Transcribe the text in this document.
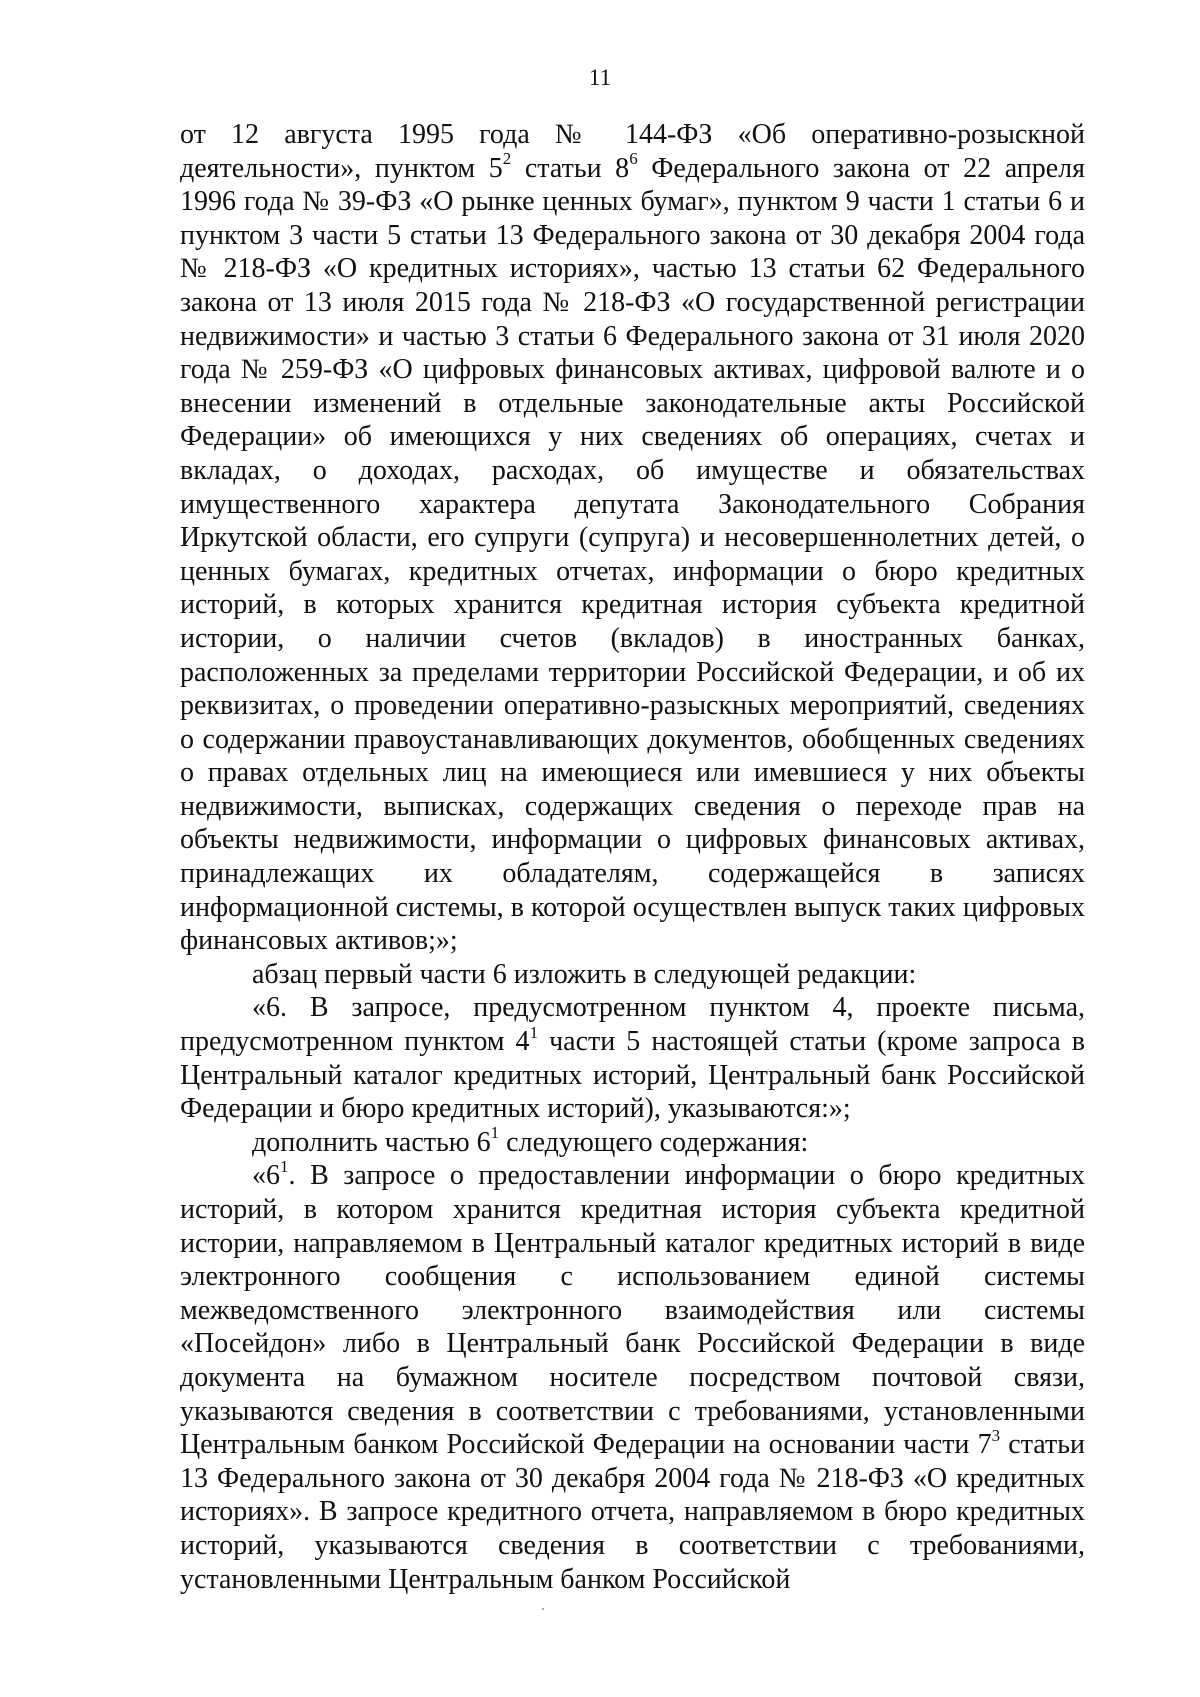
11

от 12 августа 1995 года № 144-ФЗ «Об оперативно-розыскной деятельности», пунктом $5^2$ статьи $8^6$ Федерального закона от 22 апреля 1996 года № 39-ФЗ «О рынке ценных бумаг», пунктом 9 части 1 статьи 6 и пунктом 3 части 5 статьи 13 Федерального закона от 30 декабря 2004 года № 218-ФЗ «О кредитных историях», частью 13 статьи 62 Федерального закона от 13 июля 2015 года № 218-ФЗ «О государственной регистрации недвижимости» и частью 3 статьи 6 Федерального закона от 31 июля 2020 года № 259-ФЗ «О цифровых финансовых активах, цифровой валюте и о внесении изменений в отдельные законодательные акты Российской Федерации» об имеющихся у них сведениях об операциях, счетах и вкладах, о доходах, расходах, об имуществе и обязательствах имущественного характера депутата Законодательного Собрания Иркутской области, его супруги (супруга) и несовершеннолетних детей, о ценных бумагах, кредитных отчетах, информации о бюро кредитных историй, в которых хранится кредитная история субъекта кредитной истории, о наличии счетов (вкладов) в иностранных банках, расположенных за пределами территории Российской Федерации, и об их реквизитах, о проведении оперативно-разыскных мероприятий, сведениях о содержании правоустанавливающих документов, обобщенных сведениях о правах отдельных лиц на имеющиеся или имевшиеся у них объекты недвижимости, выписках, содержащих сведения о переходе прав на объекты недвижимости, информации о цифровых финансовых активах, принадлежащих их обладателям, содержащейся в записях информационной системы, в которой осуществлен выпуск таких цифровых финансовых активов;»;

абзац первый части 6 изложить в следующей редакции:

«6. В запросе, предусмотренном пунктом 4, проекте письма, предусмотренном пунктом $4^1$ части 5 настоящей статьи (кроме запроса в Центральный каталог кредитных историй, Центральный банк Российской Федерации и бюро кредитных историй), указываются:»;

дополнить частью $6^1$ следующего содержания:

«$6^1$. В запросе о предоставлении информации о бюро кредитных историй, в котором хранится кредитная история субъекта кредитной истории, направляемом в Центральный каталог кредитных историй в виде электронного сообщения с использованием единой системы межведомственного электронного взаимодействия или системы «Посейдон» либо в Центральный банк Российской Федерации в виде документа на бумажном носителе посредством почтовой связи, указываются сведения в соответствии с требованиями, установленными Центральным банком Российской Федерации на основании части $7^3$ статьи 13 Федерального закона от 30 декабря 2004 года № 218-ФЗ «О кредитных историях». В запросе кредитного отчета, направляемом в бюро кредитных историй, указываются сведения в соответствии с требованиями, установленными Центральным банком Российской
